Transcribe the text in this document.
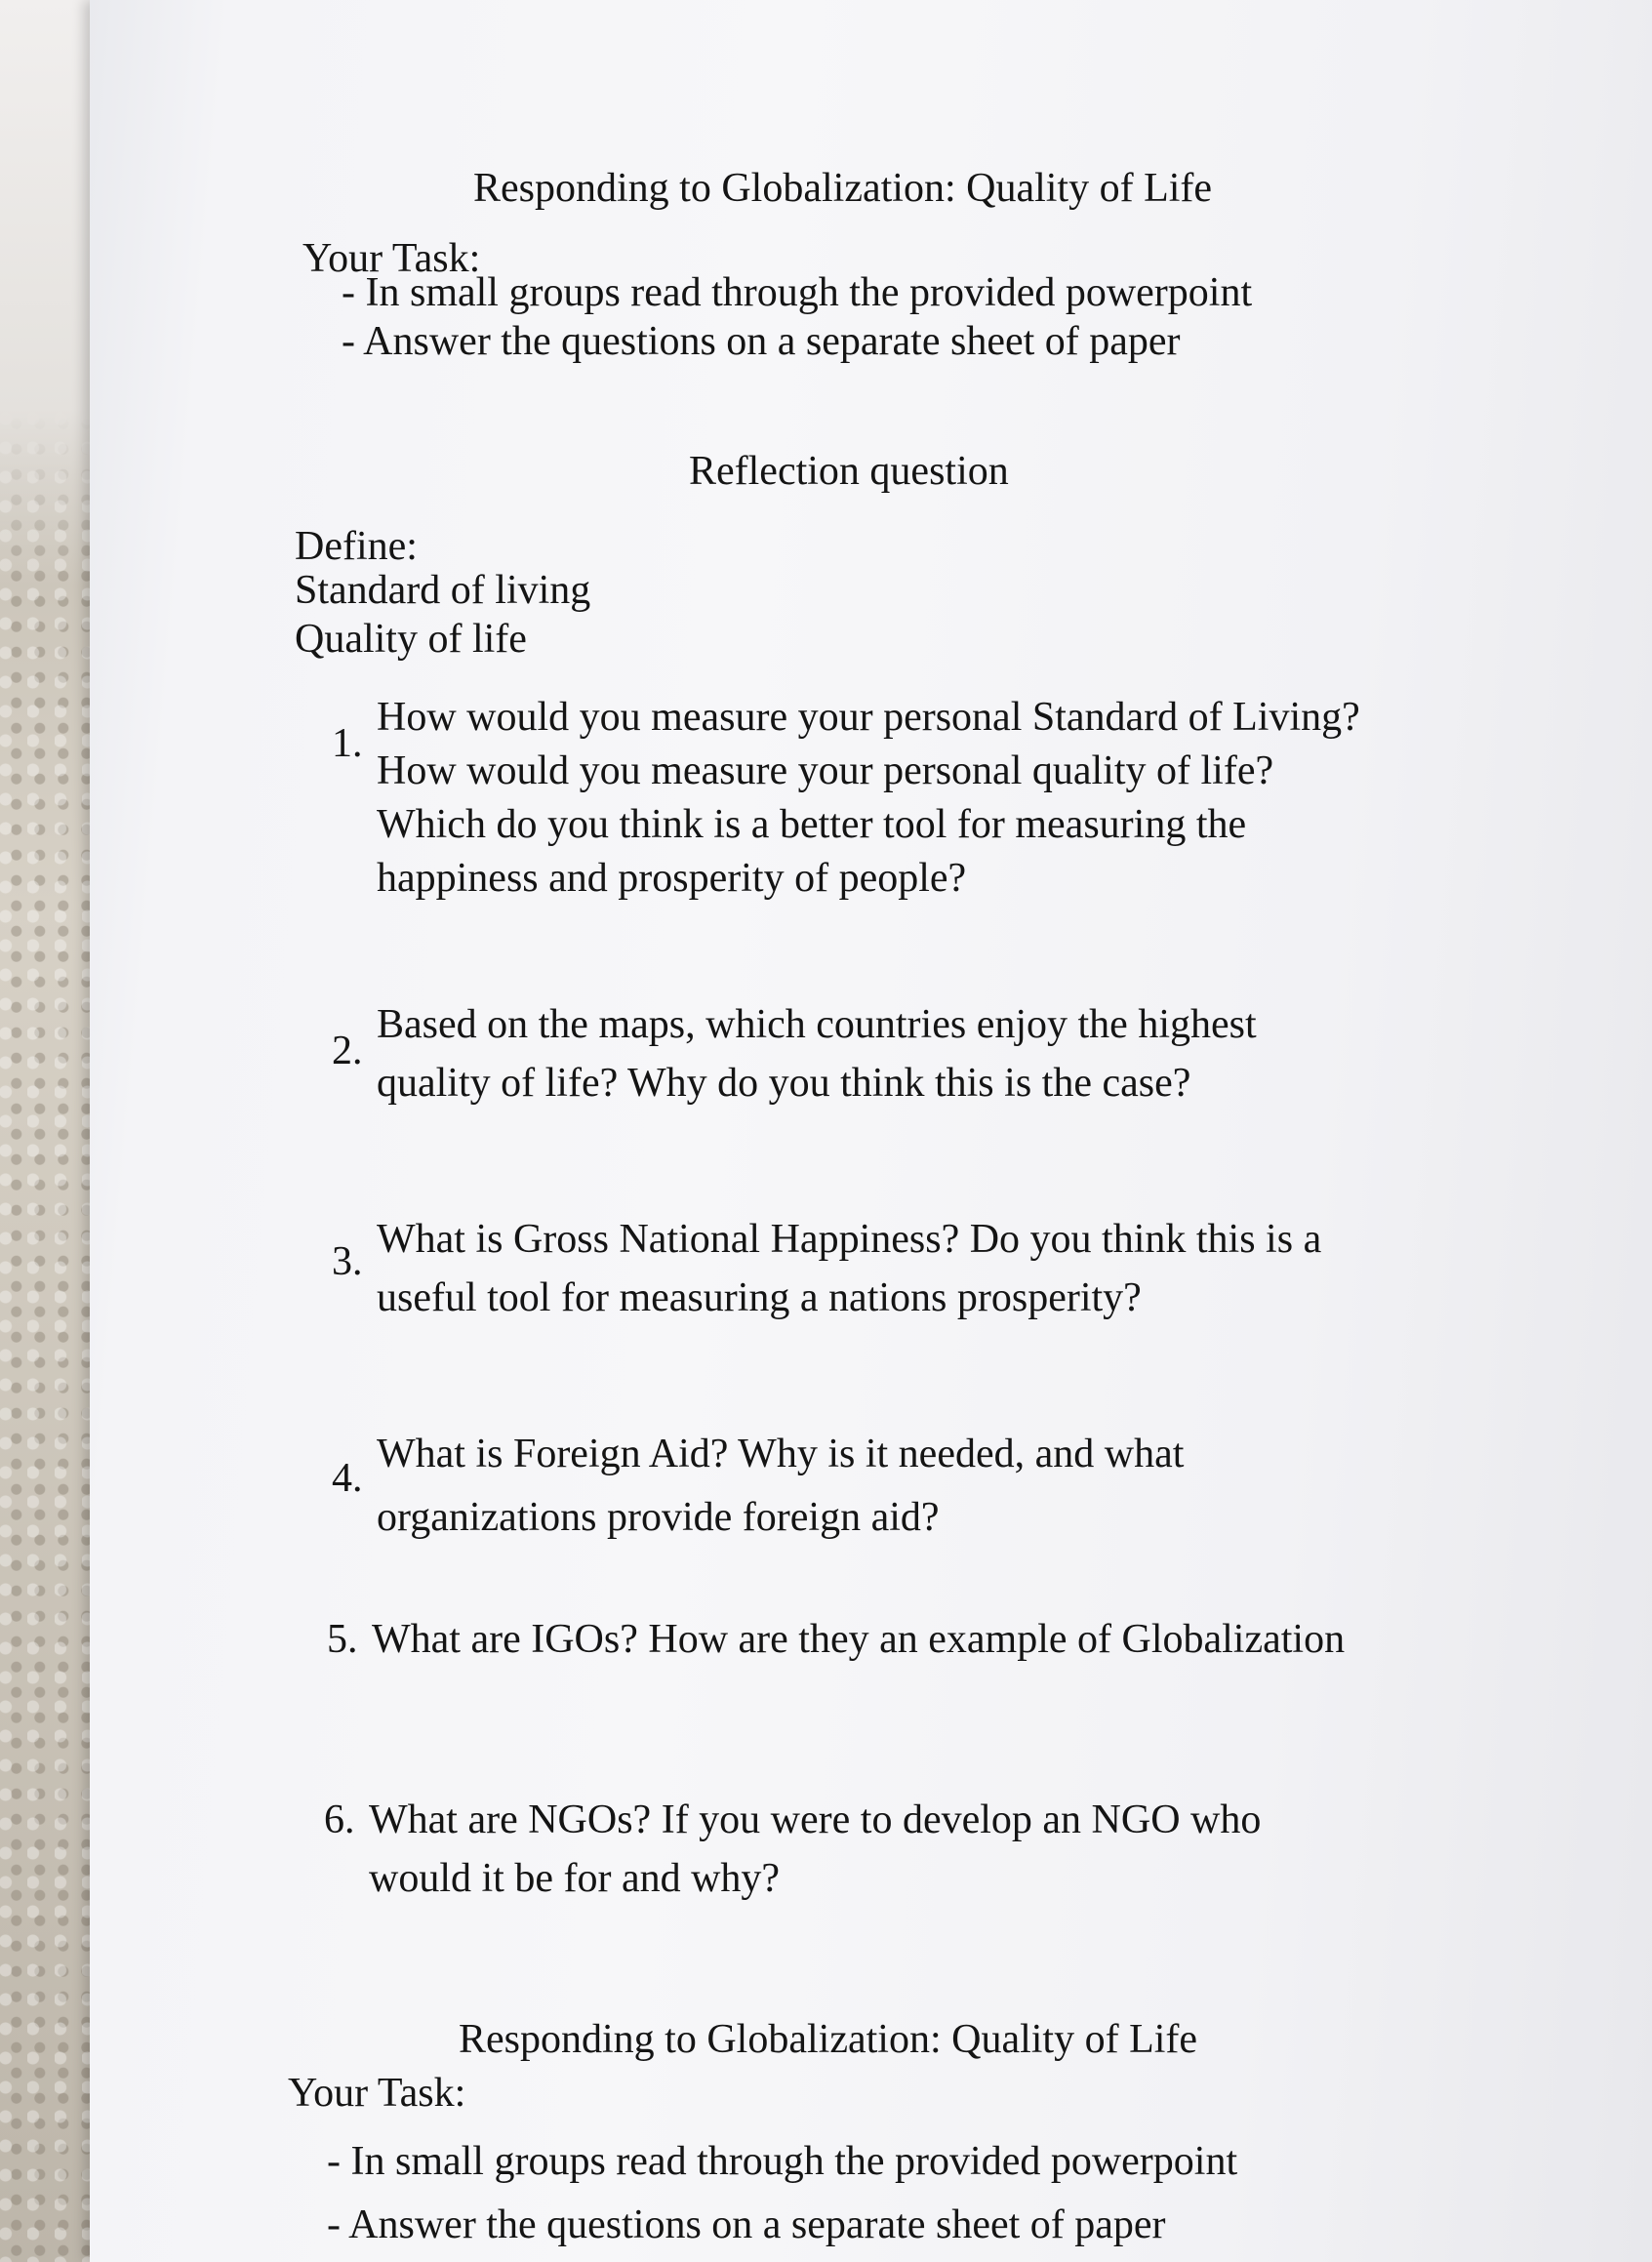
Responding to Globalization: Quality of Life

Your Task:

- In small groups read through the provided powerpoint

- Answer the questions on a separate sheet of paper

Reflection question

Define:

Standard of living

Quality of life

1.
How would you measure your personal Standard of Living?
How would you measure your personal quality of life?
Which do you think is a better tool for measuring the
happiness and prosperity of people?
2.
Based on the maps, which countries enjoy the highest
quality of life? Why do you think this is the case?
3. What is Gross National Happiness? Do you think this is a
useful tool for measuring a nations prosperity?
4.
What is Foreign Aid? Why is it needed, and what
organizations provide foreign aid?
5. What are IGOs? How are they an example of Globalization
6. What are NGOs? If you were to develop an NGO who
would it be for and why?

Responding to Globalization: Quality of Life

Your Task:

- In small groups read through the provided powerpoint

- Answer the questions on a separate sheet of paper
